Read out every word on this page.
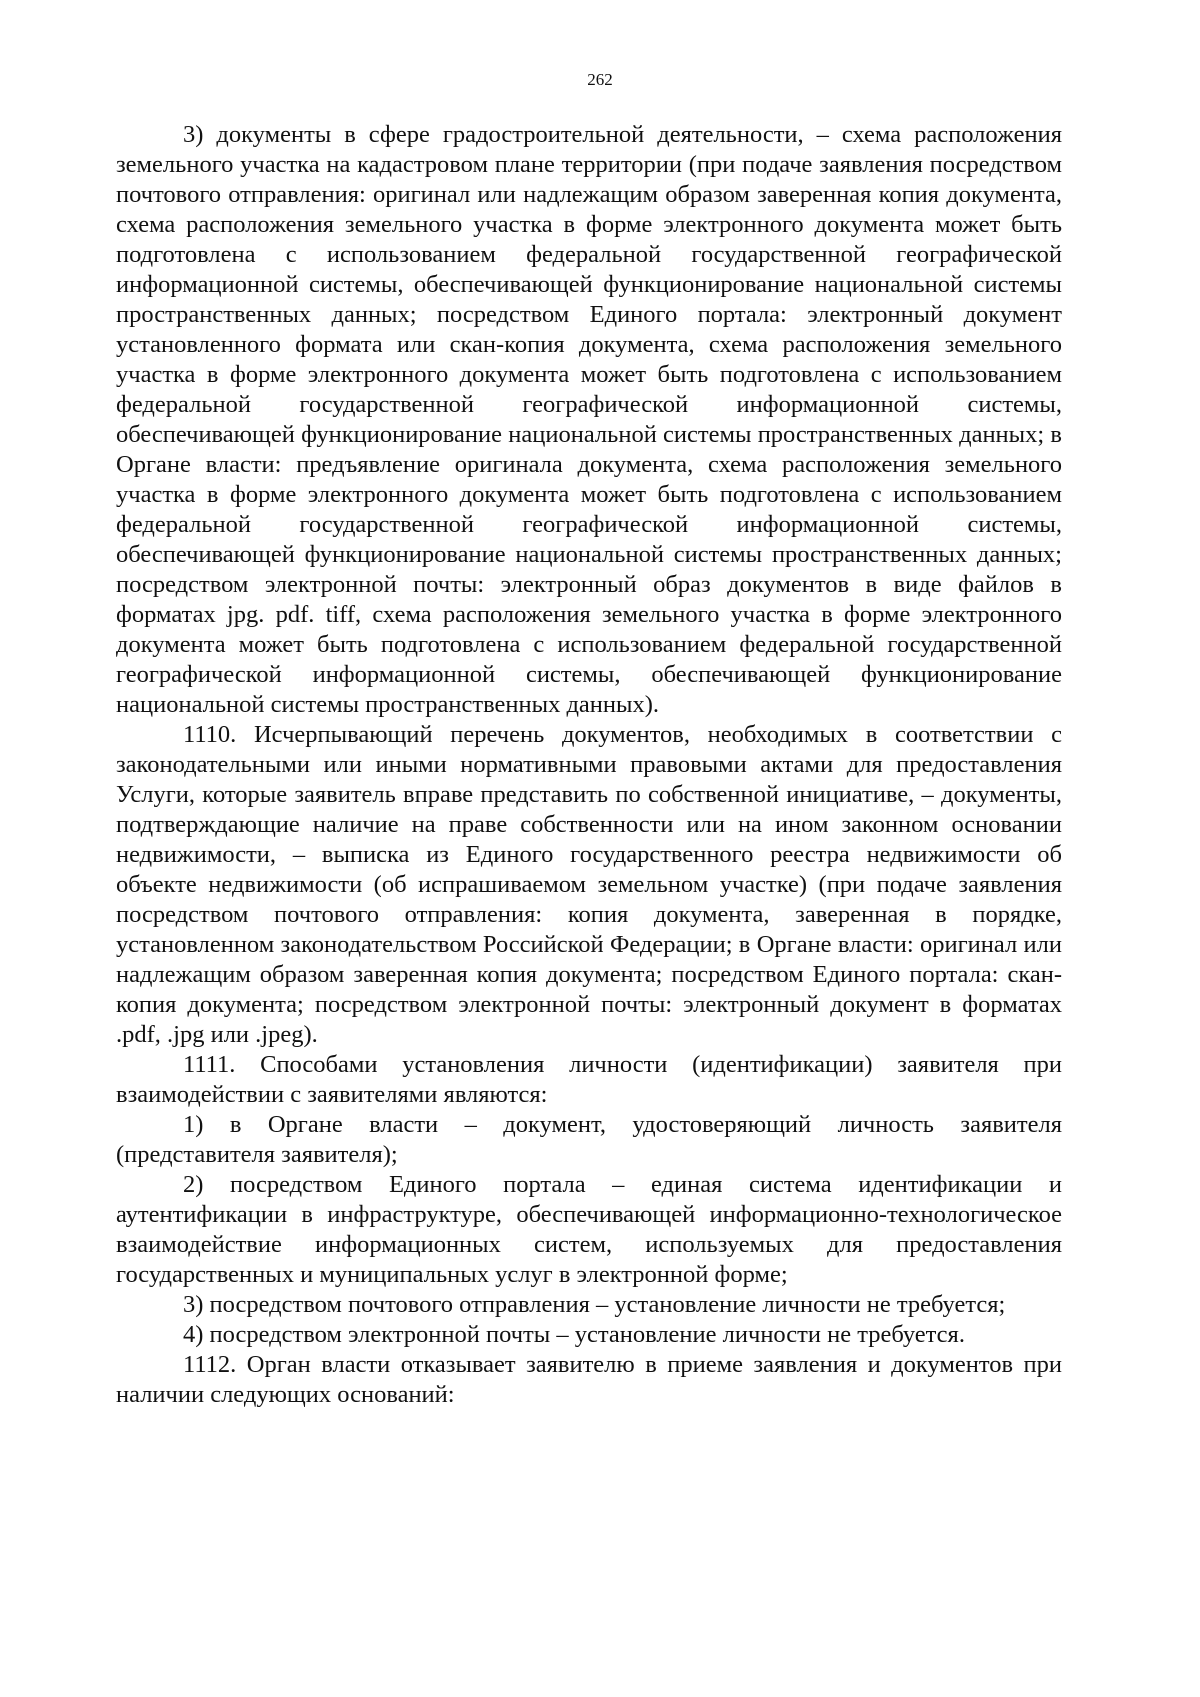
262

3) документы в сфере градостроительной деятельности, – схема расположения земельного участка на кадастровом плане территории (при подаче заявления посредством почтового отправления: оригинал или надлежащим образом заверенная копия документа, схема расположения земельного участка в форме электронного документа может быть подготовлена с использованием федеральной государственной географической информационной системы, обеспечивающей функционирование национальной системы пространственных данных; посредством Единого портала: электронный документ установленного формата или скан-копия документа, схема расположения земельного участка в форме электронного документа может быть подготовлена с использованием федеральной государственной географической информационной системы, обеспечивающей функционирование национальной системы пространственных данных; в Органе власти: предъявление оригинала документа, схема расположения земельного участка в форме электронного документа может быть подготовлена с использованием федеральной государственной географической информационной системы, обеспечивающей функционирование национальной системы пространственных данных; посредством электронной почты: электронный образ документов в виде файлов в форматах jpg. pdf. tiff, схема расположения земельного участка в форме электронного документа может быть подготовлена с использованием федеральной государственной географической информационной системы, обеспечивающей функционирование национальной системы пространственных данных).

1110. Исчерпывающий перечень документов, необходимых в соответствии с законодательными или иными нормативными правовыми актами для предоставления Услуги, которые заявитель вправе представить по собственной инициативе, – документы, подтверждающие наличие на праве собственности или на ином законном основании недвижимости, – выписка из Единого государственного реестра недвижимости об объекте недвижимости (об испрашиваемом земельном участке) (при подаче заявления посредством почтового отправления: копия документа, заверенная в порядке, установленном законодательством Российской Федерации; в Органе власти: оригинал или надлежащим образом заверенная копия документа; посредством Единого портала: скан-копия документа; посредством электронной почты: электронный документ в форматах .pdf, .jpg или .jpeg).

1111. Способами установления личности (идентификации) заявителя при взаимодействии с заявителями являются:

1) в Органе власти – документ, удостоверяющий личность заявителя (представителя заявителя);

2) посредством Единого портала – единая система идентификации и аутентификации в инфраструктуре, обеспечивающей информационно-технологическое взаимодействие информационных систем, используемых для предоставления государственных и муниципальных услуг в электронной форме;

3) посредством почтового отправления – установление личности не требуется;

4) посредством электронной почты – установление личности не требуется.

1112. Орган власти отказывает заявителю в приеме заявления и документов при наличии следующих оснований:
